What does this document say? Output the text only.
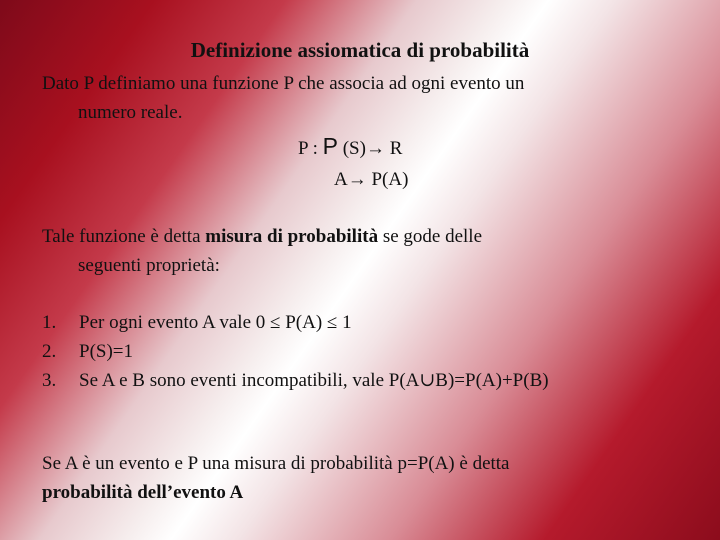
Definizione assiomatica di probabilità
Dato P definiamo una funzione P che associa ad ogni evento un
numero reale.
P : P (S)→ R
A→ P(A)
Tale funzione è detta misura di probabilità se gode delle
seguenti proprietà:
1. Per ogni evento A vale 0 ≤ P(A) ≤ 1
2. P(S)=1
3. Se A e B sono eventi incompatibili, vale P(A∪B)=P(A)+P(B)
Se A è un evento e P una misura di probabilità p=P(A) è detta
probabilità dell’evento A
